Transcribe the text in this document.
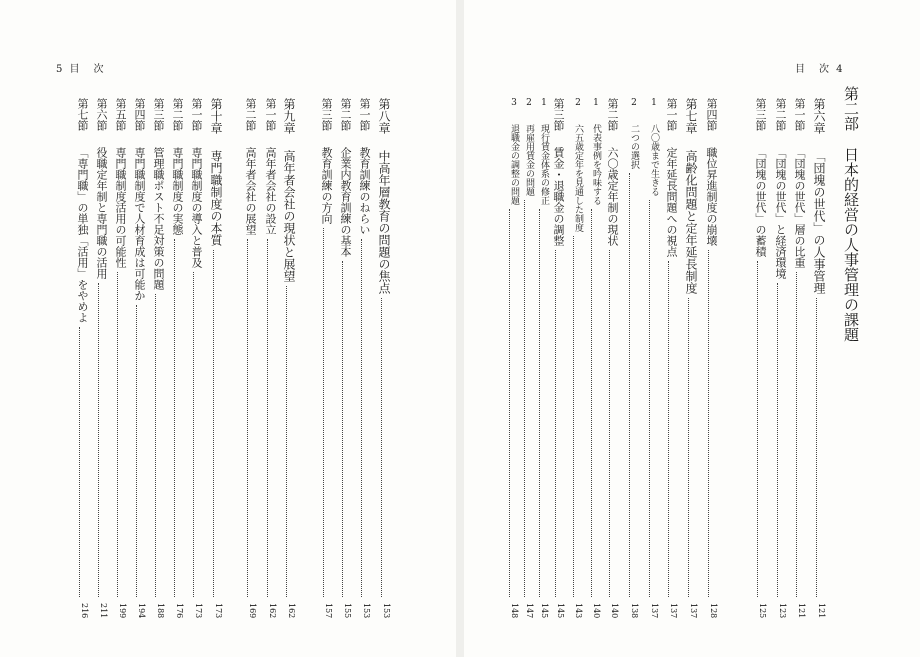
5 目　次	目　次 4
第八章
中高年層教育の問題の焦点
153
第一節
教育訓練のねらい
153
第二節
企業内教育訓練の基本
155
第三節
教育訓練の方向
157
第九章
高年者会社の現状と展望
162
第一節
高年者会社の設立
162
第二節
高年者会社の展望
169
第十章
専門職制度の本質
173
第一節
専門職制度の導入と普及
173
第二節
専門職制度の実態
176
第三節
管理職ポスト不足対策の問題
188
第四節
専門職制度で人材育成は可能か
194
第五節
専門職制度活用の可能性
199
第六節
役職定年制と専門職の活用
211
第七節
「専門職」の単独「活用」をやめよ
216
第二部
日本的経営の人事管理の課題
第六章
「団塊の世代」の人事管理
121
第一節
「団塊の世代」層の比重
121
第二節
「団塊の世代」と経済環境
123
第三節
「団塊の世代」の蓄積
125
第四節
職位昇進制度の崩壊
128
第七章
高齢化問題と定年延長制度
137
第一節
定年延長問題への視点
137
1
八〇歳まで生きる
137
2
二つの選択
138
第二節
六〇歳定年制の現状
140
1
代表事例を吟味する
140
2
六五歳定年を見通した制度
143
第三節
賃金・退職金の調整
145
1
現行賃金体系の修正
145
2
再雇用賃金の問題
147
3
退職金の調整の問題
148
